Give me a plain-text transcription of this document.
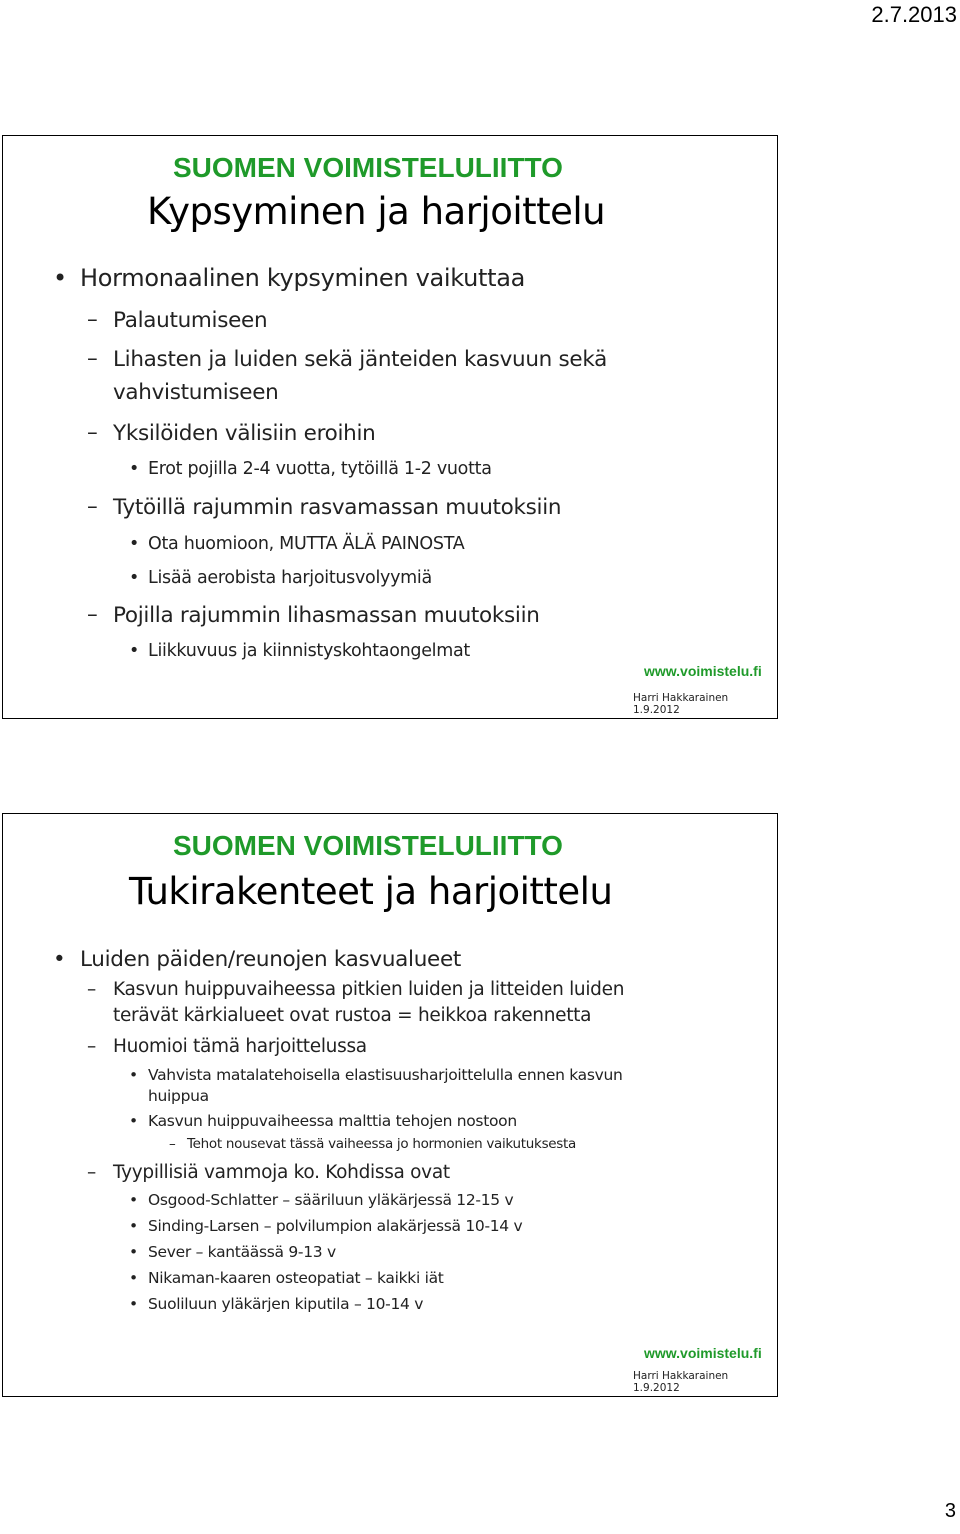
2.7.2013
SUOMEN VOIMISTELULIITTO
Kypsyminen ja harjoittelu
• Hormonaalinen kypsyminen vaikuttaa
– Palautumiseen
– Lihasten ja luiden sekä jänteiden kasvuun sekä
vahvistumiseen
– Yksilöiden välisiin eroihin
• Erot pojilla 2-4 vuotta, tytöillä 1-2 vuotta
– Tytöillä rajummin rasvamassan muutoksiin
• Ota huomioon, MUTTA ÄLÄ PAINOSTA
• Lisää aerobista harjoitusvolyymiä
– Pojilla rajummin lihasmassan muutoksiin
• Liikkuvuus ja kiinnistyskohtaongelmat
www.voimistelu.fi
Harri Hakkarainen 1.9.2012
SUOMEN VOIMISTELULIITTO
Tukirakenteet ja harjoittelu
• Luiden päiden/reunojen kasvualueet
– Kasvun huippuvaiheessa pitkien luiden ja litteiden luiden
terävät kärkialueet ovat rustoa = heikkoa rakennetta
– Huomioi tämä harjoittelussa
• Vahvista matalatehoisella elastisuusharjoittelulla ennen kasvun
huippua
• Kasvun huippuvaiheessa malttia tehojen nostoon
– Tehot nousevat tässä vaiheessa jo hormonien vaikutuksesta
– Tyypillisiä vammoja ko. Kohdissa ovat
• Osgood-Schlatter – sääriluun yläkärjessä 12-15 v
• Sinding-Larsen – polvilumpion alakärjessä 10-14 v
• Sever – kantäässä 9-13 v
• Nikaman-kaaren osteopatiat – kaikki iät
• Suoliluun yläkärjen kiputila – 10-14 v
www.voimistelu.fi
Harri Hakkarainen 1.9.2012
3
